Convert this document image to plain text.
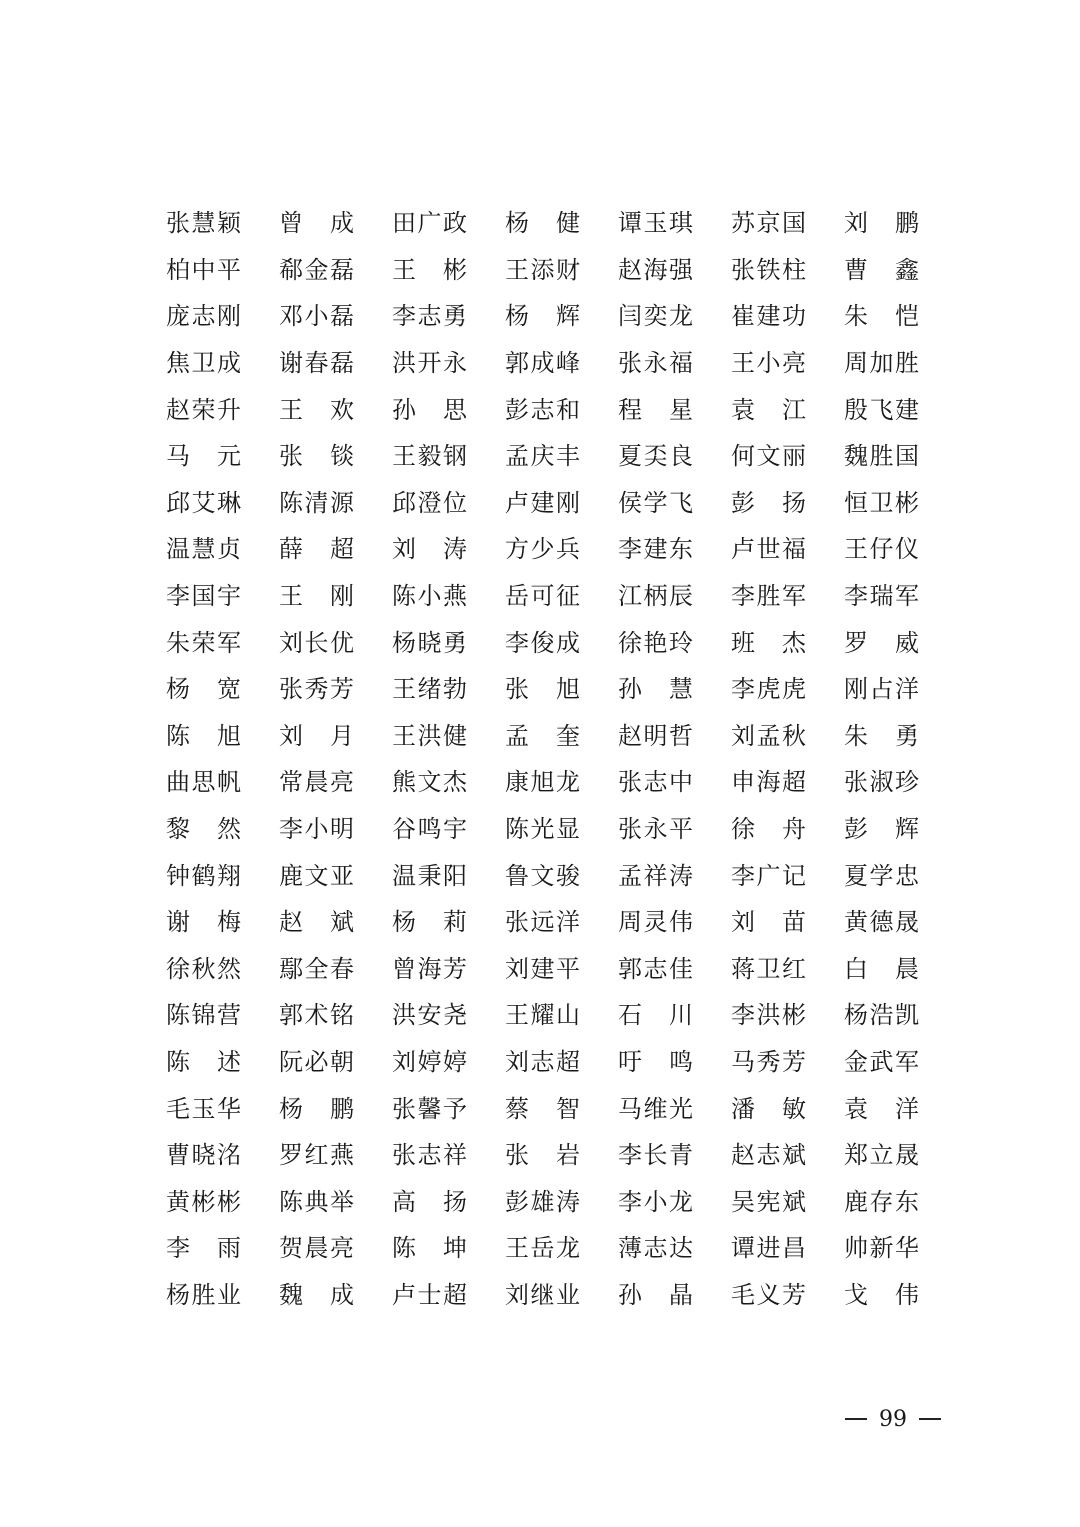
张慧颖 曾　成 田广政 杨　健 谭玉琪 苏京国 刘　鹏
柏中平 郗金磊 王　彬 王添财 赵海强 张铁柱 曹　鑫
庞志刚 邓小磊 李志勇 杨　辉 闫奕龙 崔建功 朱　恺
焦卫成 谢春磊 洪开永 郭成峰 张永福 王小亮 周加胜
赵荣升 王　欢 孙　思 彭志和 程　星 袁　江 殷飞建
马　元 张　锬 王毅钢 孟庆丰 夏奀良 何文丽 魏胜国
邱艾琳 陈清源 邱澄位 卢建刚 侯学飞 彭　扬 恒卫彬
温慧贞 薛　超 刘　涛 方少兵 李建东 卢世福 王仔仪
李国宇 王　刚 陈小燕 岳可征 江柄辰 李胜军 李瑞军
朱荣军 刘长优 杨晓勇 李俊成 徐艳玲 班　杰 罗　威
杨　宽 张秀芳 王绪勃 张　旭 孙　慧 李虎虎 刚占洋
陈　旭 刘　月 王洪健 孟　奎 赵明哲 刘孟秋 朱　勇
曲思帆 常晨亮 熊文杰 康旭龙 张志中 申海超 张淑珍
黎　然 李小明 谷鸣宇 陈光显 张永平 徐　舟 彭　辉
钟鹤翔 鹿文亚 温秉阳 鲁文骏 孟祥涛 李广记 夏学忠
谢　梅 赵　斌 杨　莉 张远洋 周灵伟 刘　苗 黄德晟
徐秋然 鄢全春 曾海芳 刘建平 郭志佳 蒋卫红 白　晨
陈锦营 郭术铭 洪安尧 王耀山 石　川 李洪彬 杨浩凯
陈　述 阮必朝 刘婷婷 刘志超 吁　鸣 马秀芳 金武军
毛玉华 杨　鹏 张馨予 蔡　智 马维光 潘　敏 袁　洋
曹晓洺 罗红燕 张志祥 张　岩 李长青 赵志斌 郑立晟
黄彬彬 陈典举 高　扬 彭雄涛 李小龙 吴宪斌 鹿存东
李　雨 贺晨亮 陈　坤 王岳龙 薄志达 谭进昌 帅新华
杨胜业 魏　成 卢士超 刘继业 孙　晶 毛义芳 戈　伟
99
